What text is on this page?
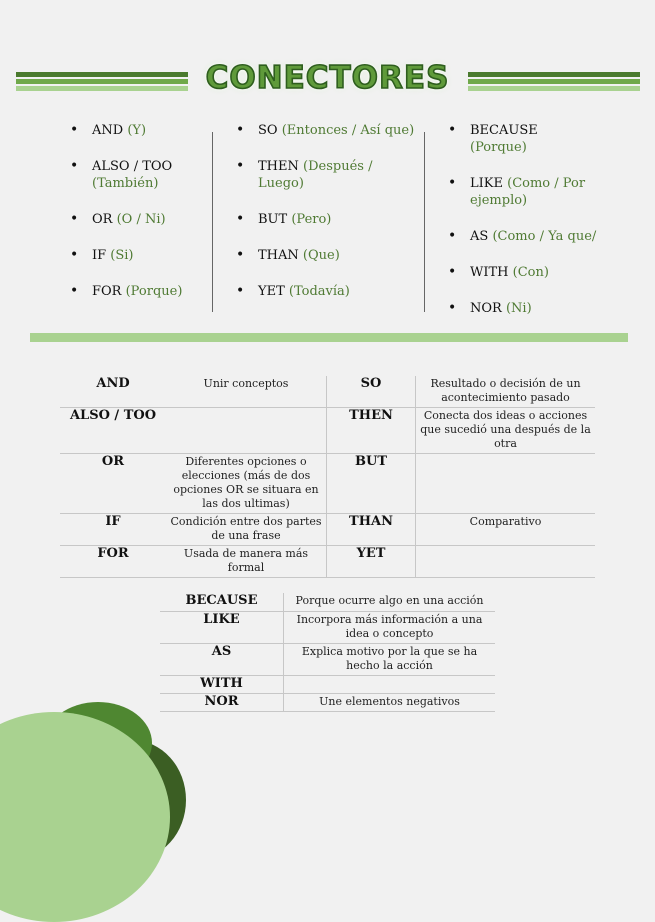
CONECTORES
• AND (Y)
• ALSO / TOO (También)
• OR (O / Ni)
• IF (Si)
• FOR (Porque)
• SO (Entonces / Así que)
• THEN (Después / Luego)
• BUT (Pero)
• THAN (Que)
• YET (Todavía)
• BECAUSE (Porque)
• LIKE (Como / Por ejemplo)
• AS (Como / Ya que/
• WITH (Con)
• NOR (Ni)
AND	Unir conceptos	SO	Resultado o decisión de un acontecimiento pasado
ALSO / TOO		THEN	Conecta dos ideas o acciones que sucedió una después de la otra
OR	Diferentes opciones o elecciones (más de dos opciones OR se situara en las dos ultimas)	BUT	
IF	Condición entre dos partes de una frase	THAN	Comparativo
FOR	Usada de manera más formal	YET	
BECAUSE	Porque ocurre algo en una acción
LIKE	Incorpora más información a una idea o concepto
AS	Explica motivo por la que se ha hecho la acción
WITH	
NOR	Une elementos negativos
